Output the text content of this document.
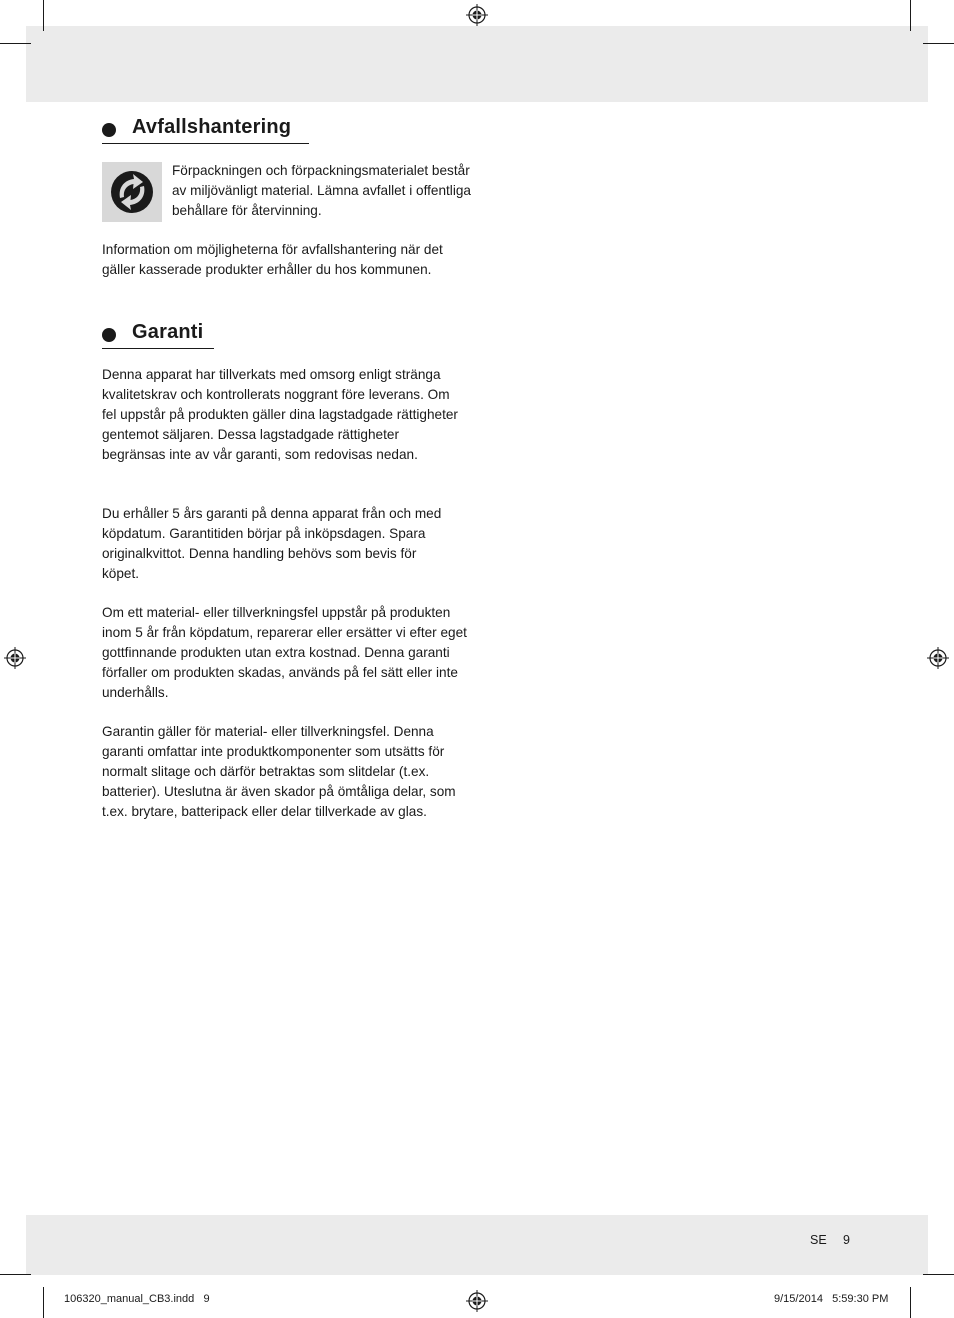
Avfallshantering

Förpackningen och förpackningsmaterialet består av miljövänligt material. Lämna avfallet i offentliga behållare för återvinning.

Information om möjligheterna för avfallshantering när det gäller kasserade produkter erhåller du hos kommunen.

Garanti

Denna apparat har tillverkats med omsorg enligt stränga kvalitetskrav och kontrollerats noggrant före leverans. Om fel uppstår på produkten gäller dina lagstadgade rättigheter gentemot säljaren. Dessa lagstadgade rättigheter begränsas inte av vår garanti, som redovisas nedan.

Du erhåller 5 års garanti på denna apparat från och med köpdatum. Garantitiden börjar på inköpsdagen. Spara originalkvittot. Denna handling behövs som bevis för köpet.

Om ett material- eller tillverkningsfel uppstår på produkten inom 5 år från köpdatum, reparerar eller ersätter vi efter eget gottfinnande produkten utan extra kostnad. Denna garanti förfaller om produkten skadas, används på fel sätt eller inte underhålls.

Garantin gäller för material- eller tillverkningsfel. Denna garanti omfattar inte produktkomponenter som utsätts för normalt slitage och därför betraktas som slitdelar (t.ex. batterier). Uteslutna är även skador på ömtåliga delar, som t.ex. brytare, batteripack eller delar tillverkade av glas.

SE 9
106320_manual_CB3.indd   9	9/15/2014   5:59:30 PM
